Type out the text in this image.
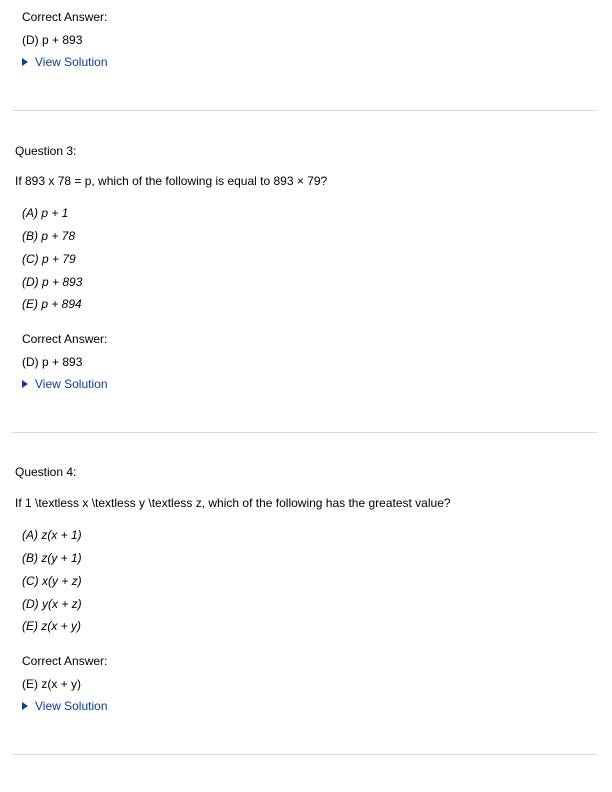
Correct Answer:
(D) p + 893
View Solution
Question 3:
If 893 x 78 = p, which of the following is equal to 893 × 79?
(A) p + 1
(B) p + 78
(C) p + 79
(D) p + 893
(E) p + 894
Correct Answer:
(D) p + 893
View Solution
Question 4:
If 1 \textless x \textless y \textless z, which of the following has the greatest value?
(A) z(x + 1)
(B) z(y + 1)
(C) x(y + z)
(D) y(x + z)
(E) z(x + y)
Correct Answer:
(E) z(x + y)
View Solution
